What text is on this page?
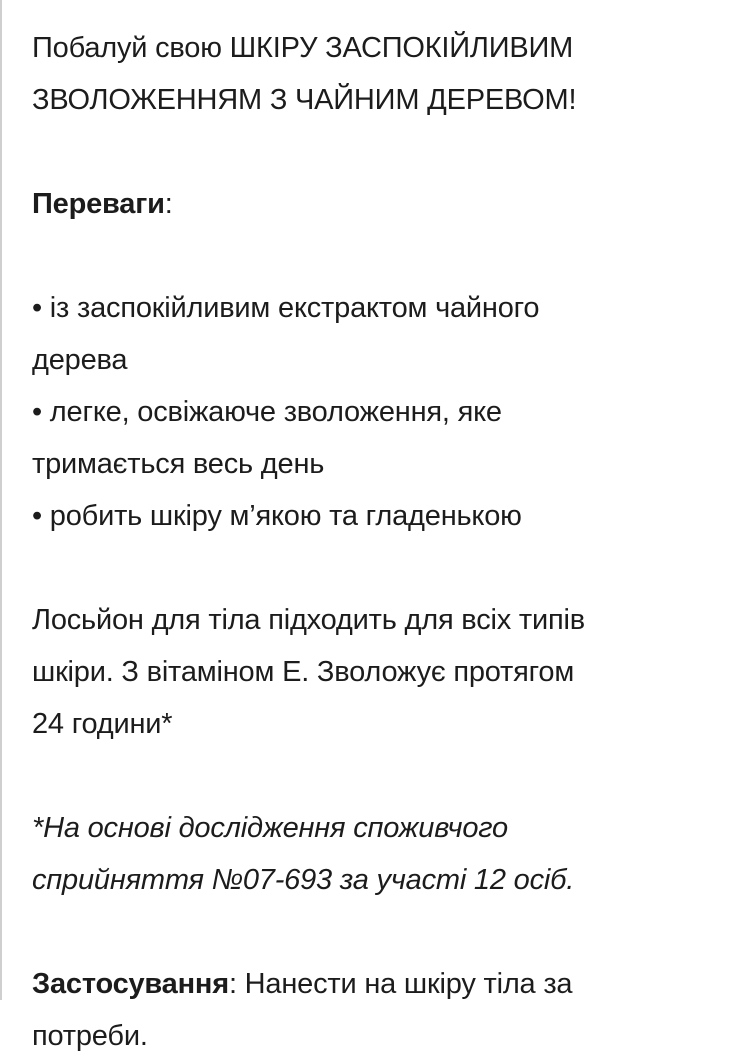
Побалуй свою ШКІРУ ЗАСПОКІЙЛИВИМ

ЗВОЛОЖЕННЯМ З ЧАЙНИМ ДЕРЕВОМ!

Переваги:

• із заспокійливим екстрактом чайного

дерева

• легке, освіжаюче зволоження, яке

тримається весь день

• робить шкіру м’якою та гладенькою

Лосьйон для тіла підходить для всіх типів

шкіри. З вітаміном Е. Зволожує протягом

24 години*

*На основі дослідження споживчого

сприйняття №07-693 за участі 12 осіб.

Застосування: Нанести на шкіру тіла за

потреби.
